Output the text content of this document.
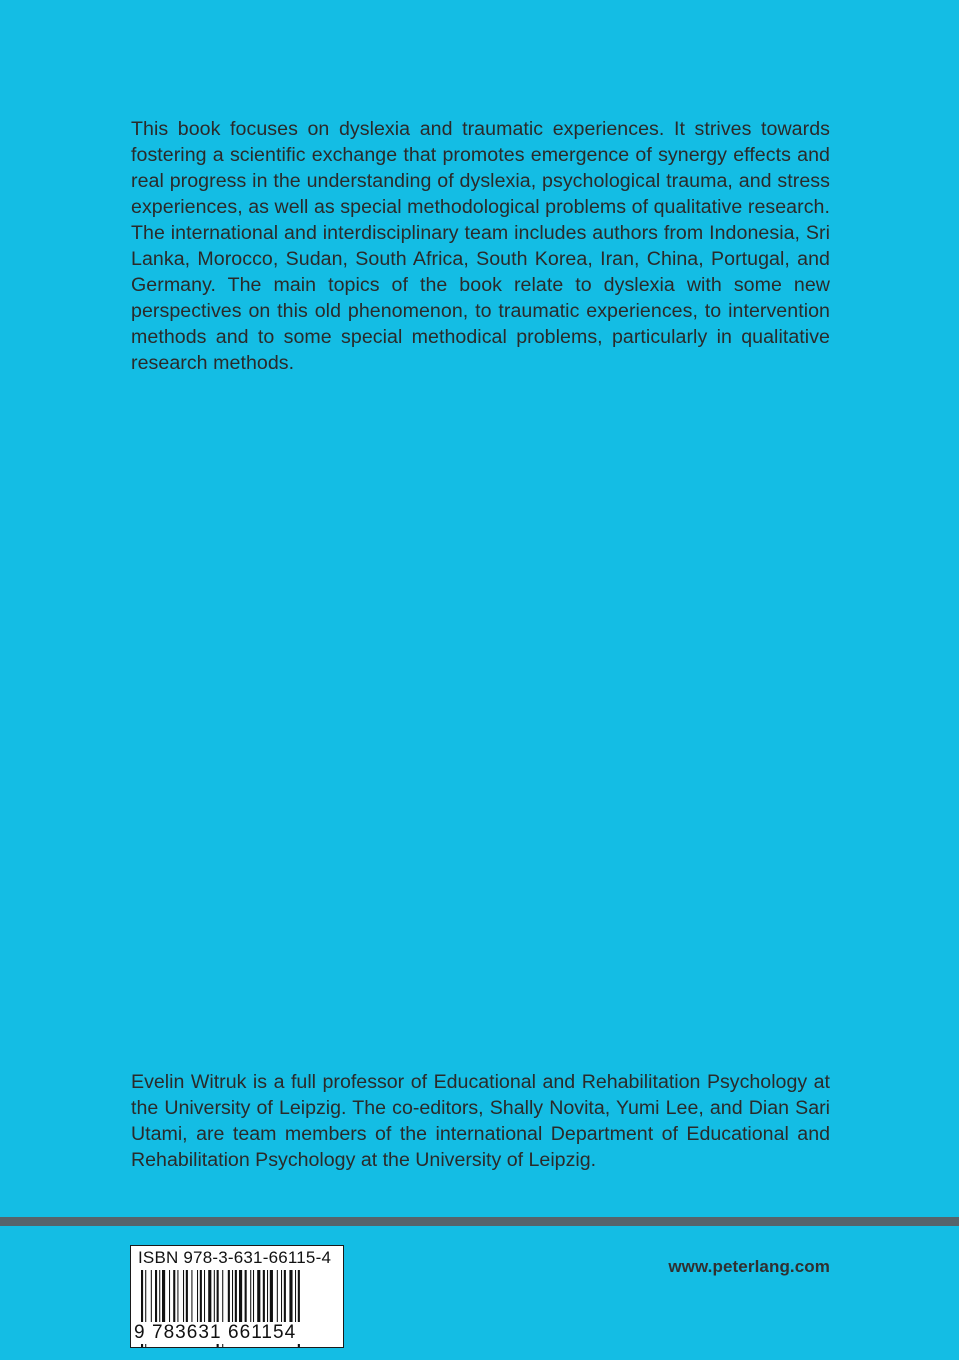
This book focuses on dyslexia and traumatic experiences. It strives towards fostering a scientific exchange that promotes emergence of synergy effects and real progress in the understanding of dyslexia, psychological trauma, and stress experiences, as well as special methodological problems of qualitative research. The international and interdisciplinary team includes authors from Indonesia, Sri Lanka, Morocco, Sudan, South Africa, South Korea, Iran, China, Portugal, and Germany. The main topics of the book relate to dyslexia with some new perspectives on this old phenomenon, to traumatic experiences, to intervention methods and to some special methodical problems, particularly in qualitative research methods.

Evelin Witruk is a full professor of Educational and Rehabilitation Psychology at the University of Leipzig. The co-editors, Shally Novita, Yumi Lee, and Dian Sari Utami, are team members of the international Department of Educational and Rehabilitation Psychology at the University of Leipzig.

ISBN 978-3-631-66115-4
9 783631 661154
www.peterlang.com
